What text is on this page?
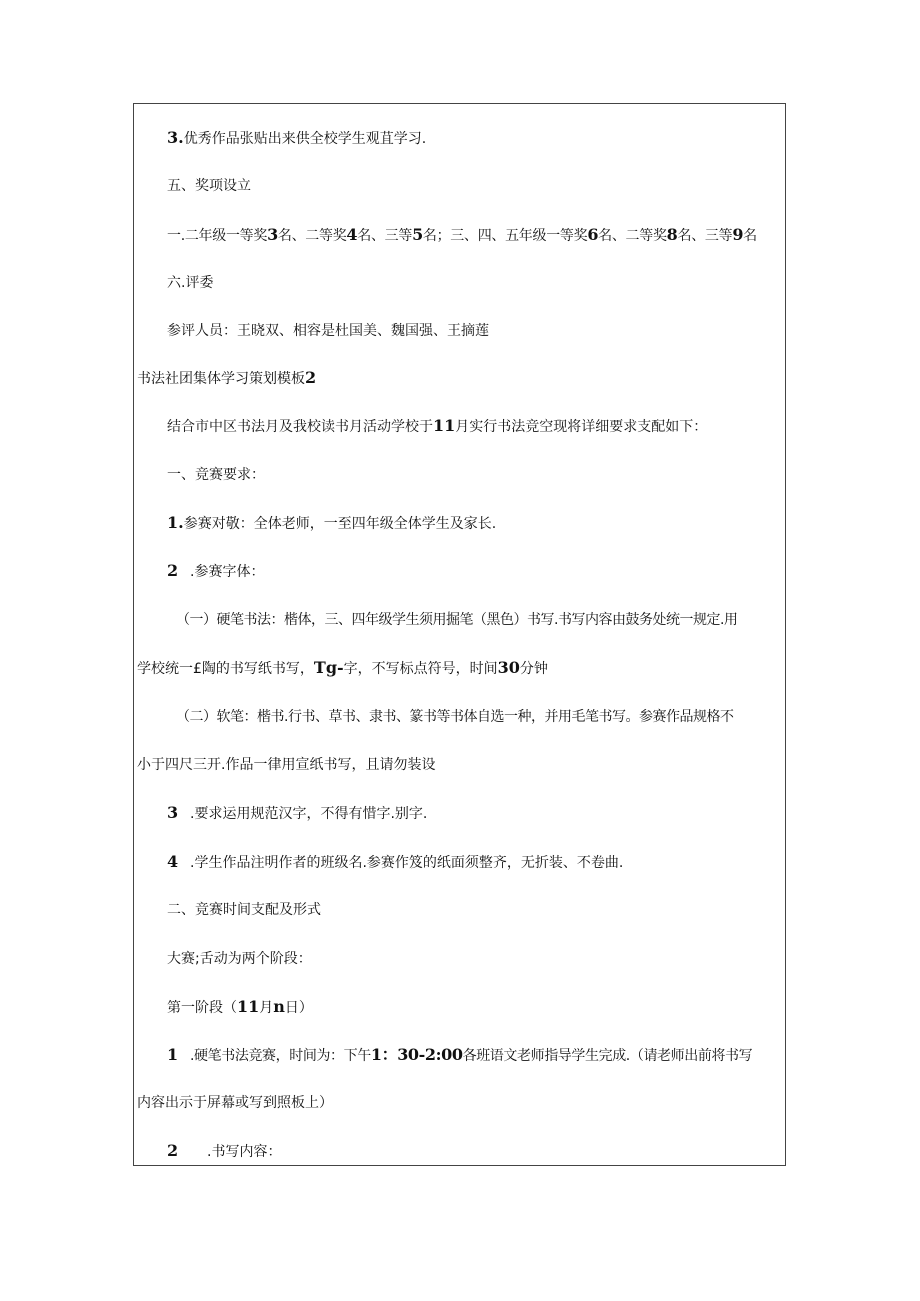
3.优秀作品张贴出来供全校学生观苴学习.
五、奖项设立
一.二年级一等奖3名、二等奖4名、三等5名；三、四、五年级一等奖6名、二等奖8名、三等9名
六.评委
参评人员：王晓双、相容是杜国美、魏国强、王摘莲
书法社团集体学习策划模板2
结合市中区书法月及我校读书月活动学校于11月实行书法竞空现将详细要求支配如下：
一、竞赛要求：
1.参赛对敬：全体老师，一至四年级全体学生及家长.
2 .参赛字体：
（一）硬笔书法：楷体，三、四年级学生须用掘笔（黑色）书写.书写内容由鼓务处统一规定.用
学校统一£陶的书写纸书写，Tg-字，不写标点符号，时间30分钟
（二）软笔：楷书.行书、草书、隶书、篆书等书体自选一种，并用毛笔书写。参赛作品规格不
小于四尺三开.作品一律用宣纸书写，且请勿装设
3 .要求运用规范汉字，不得有惜字.别字.
4 .学生作品注明作者的班级名.参赛作笈的纸面须整齐，无折装、不卷曲.
二、竞赛时间支配及形式
大赛;舌动为两个阶段：
第一阶段（11月n日）
1 .硬笔书法竞赛，时间为：下午1：30-2:00各班语文老师指导学生完成.（请老师出前将书写
内容出示于屏幕或写到照板上）
2 .书写内容：
